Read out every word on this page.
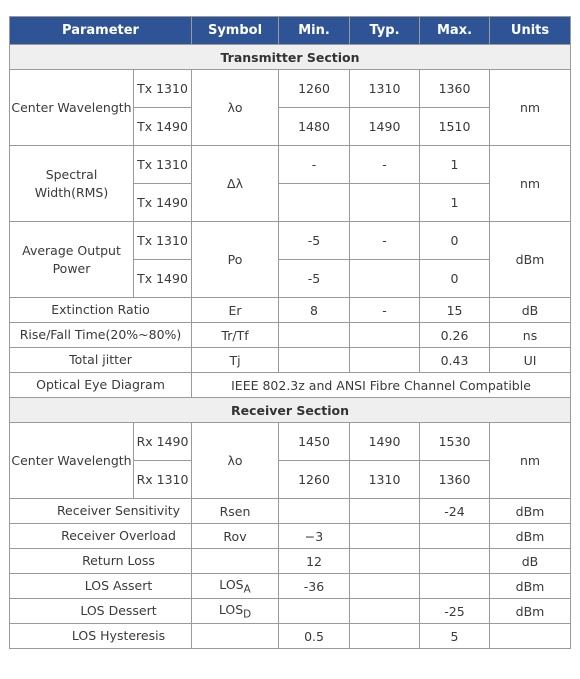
Parameter		Symbol	Min.	Typ.	Max.	Units
Transmitter Section						
Center Wavelength	Tx 1310	λo	1260	1310	1360	nm
	Tx 1490		1480	1490	1510	
Spectral Width(RMS)	Tx 1310	Δλ	-	-	1	nm
	Tx 1490				1	
Average Output Power	Tx 1310	Po	-5	-	0	dBm
	Tx 1490		-5		0	
Extinction Ratio		Er	8	-	15	dB
Rise/Fall Time(20%~80%)		Tr/Tf			0.26	ns
Total jitter		Tj			0.43	UI
Optical Eye Diagram		IEEE 802.3z and ANSI Fibre Channel Compatible				
Receiver Section						
Center Wavelength	Rx 1490	λo	1450	1490	1530	nm
	Rx 1310		1260	1310	1360	
Receiver Sensitivity		Rsen			-24	dBm
Receiver Overload		Rov	−3			dBm
Return Loss			12			dB
LOS Assert		$LOS_A$	-36			dBm
LOS Dessert		$LOS_D$			-25	dBm
LOS Hysteresis			0.5		5	
